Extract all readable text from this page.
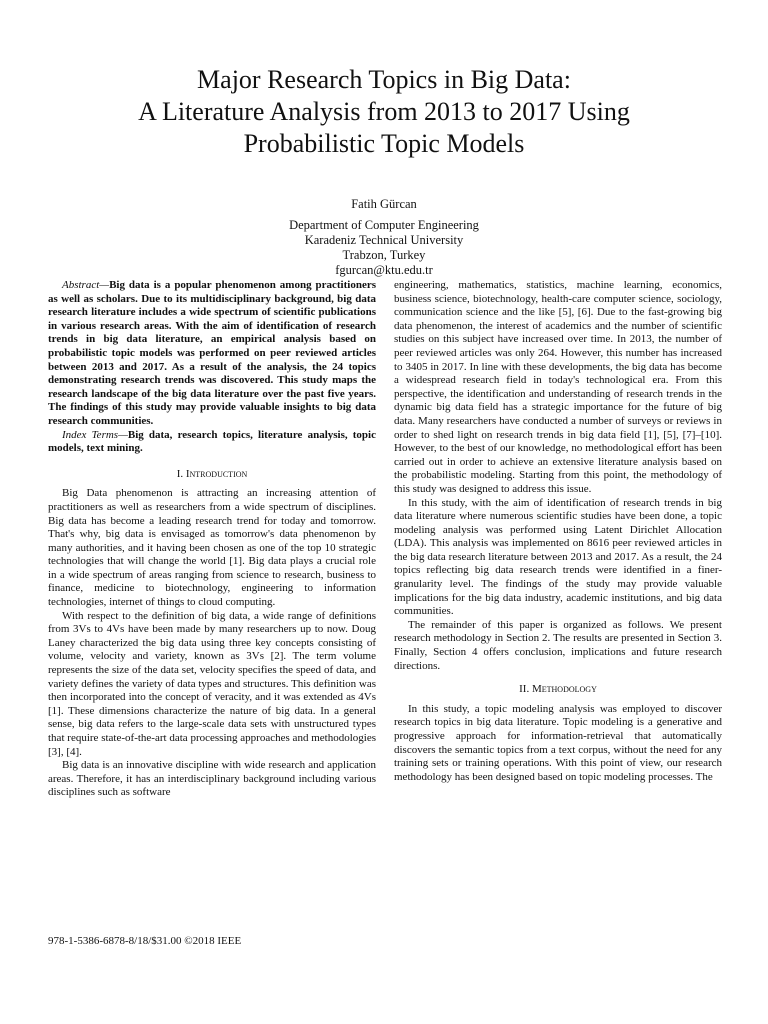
Major Research Topics in Big Data:
A Literature Analysis from 2013 to 2017 Using
Probabilistic Topic Models
Fatih Gürcan
Department of Computer Engineering
Karadeniz Technical University
Trabzon, Turkey
fgurcan@ktu.edu.tr

Abstract—Big data is a popular phenomenon among practitioners as well as scholars. Due to its multidisciplinary background, big data research literature includes a wide spectrum of scientific publications in various research areas. With the aim of identification of research trends in big data literature, an empirical analysis based on probabilistic topic models was performed on peer reviewed articles between 2013 and 2017. As a result of the analysis, the 24 topics demonstrating research trends was discovered. This study maps the research landscape of the big data literature over the past five years. The findings of this study may provide valuable insights to big data research communities.

Index Terms—Big data, research topics, literature analysis, topic models, text mining.

I. Introduction

Big Data phenomenon is attracting an increasing attention of practitioners as well as researchers from a wide spectrum of disciplines. Big data has become a leading research trend for today and tomorrow. That's why, big data is envisaged as tomorrow's data phenomenon by many authorities, and it having been chosen as one of the top 10 strategic technologies that will change the world [1]. Big data plays a crucial role in a wide spectrum of areas ranging from science to research, business to finance, medicine to biotechnology, engineering to information technologies, internet of things to cloud computing.

With respect to the definition of big data, a wide range of definitions from 3Vs to 4Vs have been made by many researchers up to now. Doug Laney characterized the big data using three key concepts consisting of volume, velocity and variety, known as 3Vs [2]. The term volume represents the size of the data set, velocity specifies the speed of data, and variety defines the variety of data types and structures. This definition was then incorporated into the concept of veracity, and it was extended as 4Vs [1]. These dimensions characterize the nature of big data. In a general sense, big data refers to the large-scale data sets with unstructured types that require state-of-the-art data processing approaches and methodologies [3], [4].

Big data is an innovative discipline with wide research and application areas. Therefore, it has an interdisciplinary background including various disciplines such as software

engineering, mathematics, statistics, machine learning, economics, business science, biotechnology, health-care computer science, sociology, communication science and the like [5], [6]. Due to the fast-growing big data phenomenon, the interest of academics and the number of scientific studies on this subject have increased over time. In 2013, the number of peer reviewed articles was only 264. However, this number has increased to 3405 in 2017. In line with these developments, the big data has become a widespread research field in today's technological era. From this perspective, the identification and understanding of research trends in the dynamic big data field has a strategic importance for the future of big data. Many researchers have conducted a number of surveys or reviews in order to shed light on research trends in big data field [1], [5], [7]–[10]. However, to the best of our knowledge, no methodological effort has been carried out in order to achieve an extensive literature analysis based on the probabilistic modeling. Starting from this point, the methodology of this study was designed to address this issue.

In this study, with the aim of identification of research trends in big data literature where numerous scientific studies have been done, a topic modeling analysis was performed using Latent Dirichlet Allocation (LDA). This analysis was implemented on 8616 peer reviewed articles in the big data research literature between 2013 and 2017. As a result, the 24 topics reflecting big data research trends were identified in a finer-granularity level. The findings of the study may provide valuable implications for the big data industry, academic institutions, and big data communities.

The remainder of this paper is organized as follows. We present research methodology in Section 2. The results are presented in Section 3. Finally, Section 4 offers conclusion, implications and future research directions.

II. Methodology

In this study, a topic modeling analysis was employed to discover research topics in big data literature. Topic modeling is a generative and progressive approach for information-retrieval that automatically discovers the semantic topics from a text corpus, without the need for any training sets or training operations. With this point of view, our research methodology has been designed based on topic modeling processes. The

978-1-5386-6878-8/18/$31.00 ©2018 IEEE
